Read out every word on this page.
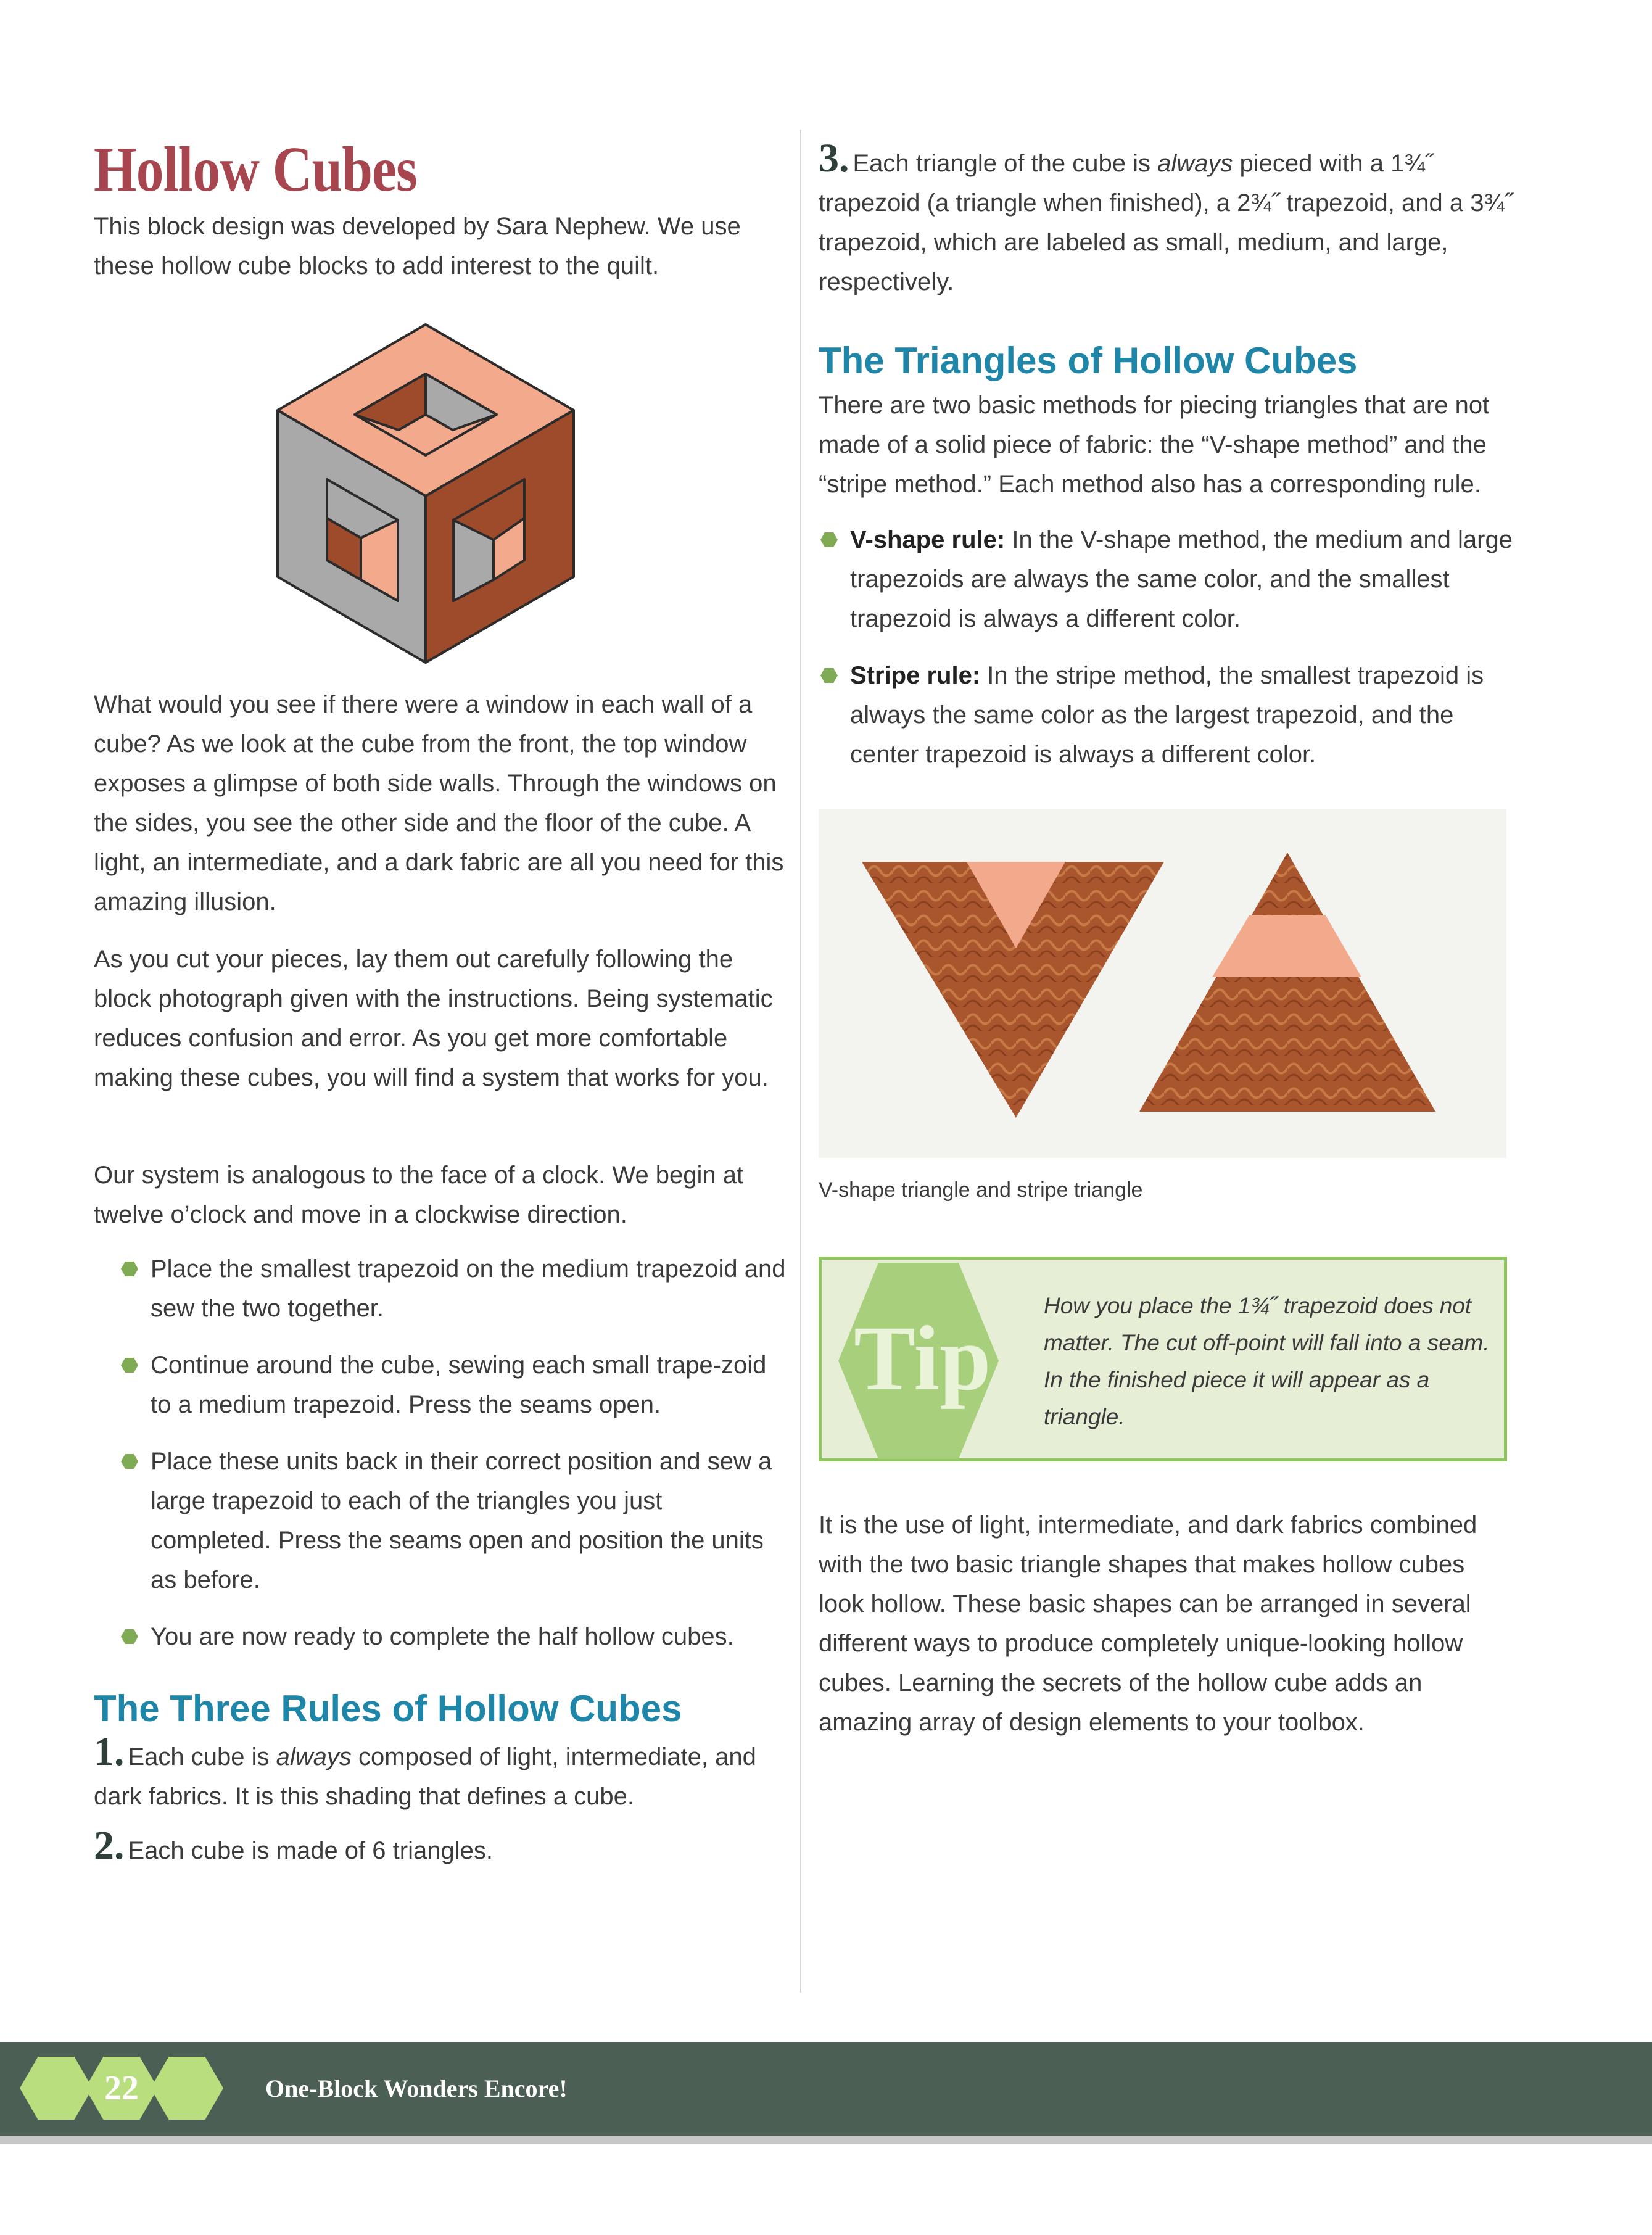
Hollow Cubes
This block design was developed by Sara Nephew. We use these hollow cube blocks to add interest to the quilt.
What would you see if there were a window in each wall of a cube? As we look at the cube from the front, the top window exposes a glimpse of both side walls. Through the windows on the sides, you see the other side and the floor of the cube. A light, an intermediate, and a dark fabric are all you need for this amazing illusion.
As you cut your pieces, lay them out carefully following the block photograph given with the instructions. Being systematic reduces confusion and error. As you get more comfortable making these cubes, you will find a system that works for you.
Our system is analogous to the face of a clock. We begin at twelve o’clock and move in a clockwise direction.
Place the smallest trapezoid on the medium trapezoid and sew the two together.
Continue around the cube, sewing each small trape-zoid to a medium trapezoid. Press the seams open.
Place these units back in their correct position and sew a large trapezoid to each of the triangles you just completed. Press the seams open and position the units as before.
You are now ready to complete the half hollow cubes.
The Three Rules of Hollow Cubes
1. Each cube is always composed of light, intermediate, and dark fabrics. It is this shading that defines a cube.
2. Each cube is made of 6 triangles.
3. Each triangle of the cube is always pieced with a 1¾˝ trapezoid (a triangle when finished), a 2¾˝ trapezoid, and a 3¾˝ trapezoid, which are labeled as small, medium, and large, respectively.
The Triangles of Hollow Cubes
There are two basic methods for piecing triangles that are not made of a solid piece of fabric: the “V-shape method” and the “stripe method.” Each method also has a corresponding rule.
V-shape rule: In the V-shape method, the medium and large trapezoids are always the same color, and the smallest trapezoid is always a different color.
Stripe rule: In the stripe method, the smallest trapezoid is always the same color as the largest trapezoid, and the center trapezoid is always a different color.
V-shape triangle and stripe triangle
Tip
How you place the 1¾˝ trapezoid does not matter. The cut off-point will fall into a seam. In the finished piece it will appear as a triangle.
It is the use of light, intermediate, and dark fabrics combined with the two basic triangle shapes that makes hollow cubes look hollow. These basic shapes can be arranged in several different ways to produce completely unique-looking hollow cubes. Learning the secrets of the hollow cube adds an amazing array of design elements to your toolbox.
22	One-Block Wonders Encore!
